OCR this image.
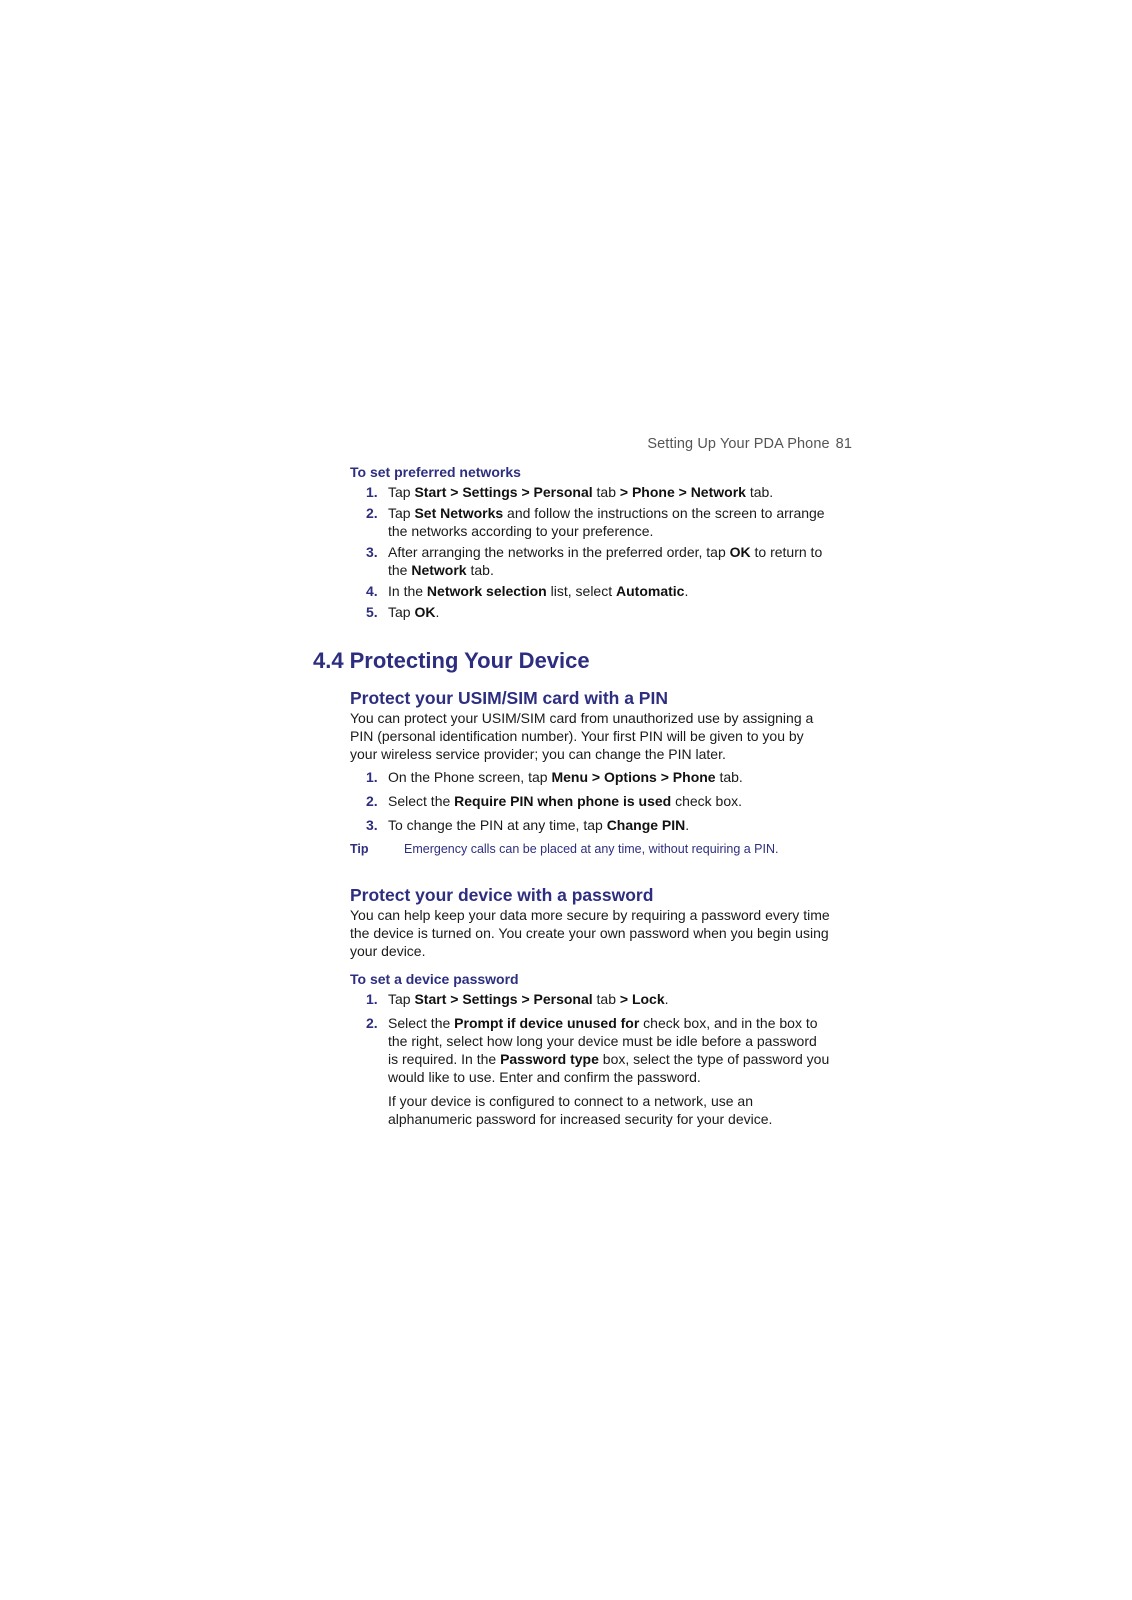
Setting Up Your PDA Phone 81
To set preferred networks
1. Tap Start > Settings > Personal tab > Phone > Network tab.
2. Tap Set Networks and follow the instructions on the screen to arrange the networks according to your preference.
3. After arranging the networks in the preferred order, tap OK to return to the Network tab.
4. In the Network selection list, select Automatic.
5. Tap OK.
4.4 Protecting Your Device
Protect your USIM/SIM card with a PIN

You can protect your USIM/SIM card from unauthorized use by assigning a PIN (personal identification number). Your first PIN will be given to you by your wireless service provider; you can change the PIN later.

1. On the Phone screen, tap Menu > Options > Phone tab.
2. Select the Require PIN when phone is used check box.
3. To change the PIN at any time, tap Change PIN.
Tip	Emergency calls can be placed at any time, without requiring a PIN.
Protect your device with a password

You can help keep your data more secure by requiring a password every time the device is turned on. You create your own password when you begin using your device.

To set a device password
1. Tap Start > Settings > Personal tab > Lock.
2. Select the Prompt if device unused for check box, and in the box to the right, select how long your device must be idle before a password is required. In the Password type box, select the type of password you would like to use. Enter and confirm the password.

If your device is configured to connect to a network, use an alphanumeric password for increased security for your device.
